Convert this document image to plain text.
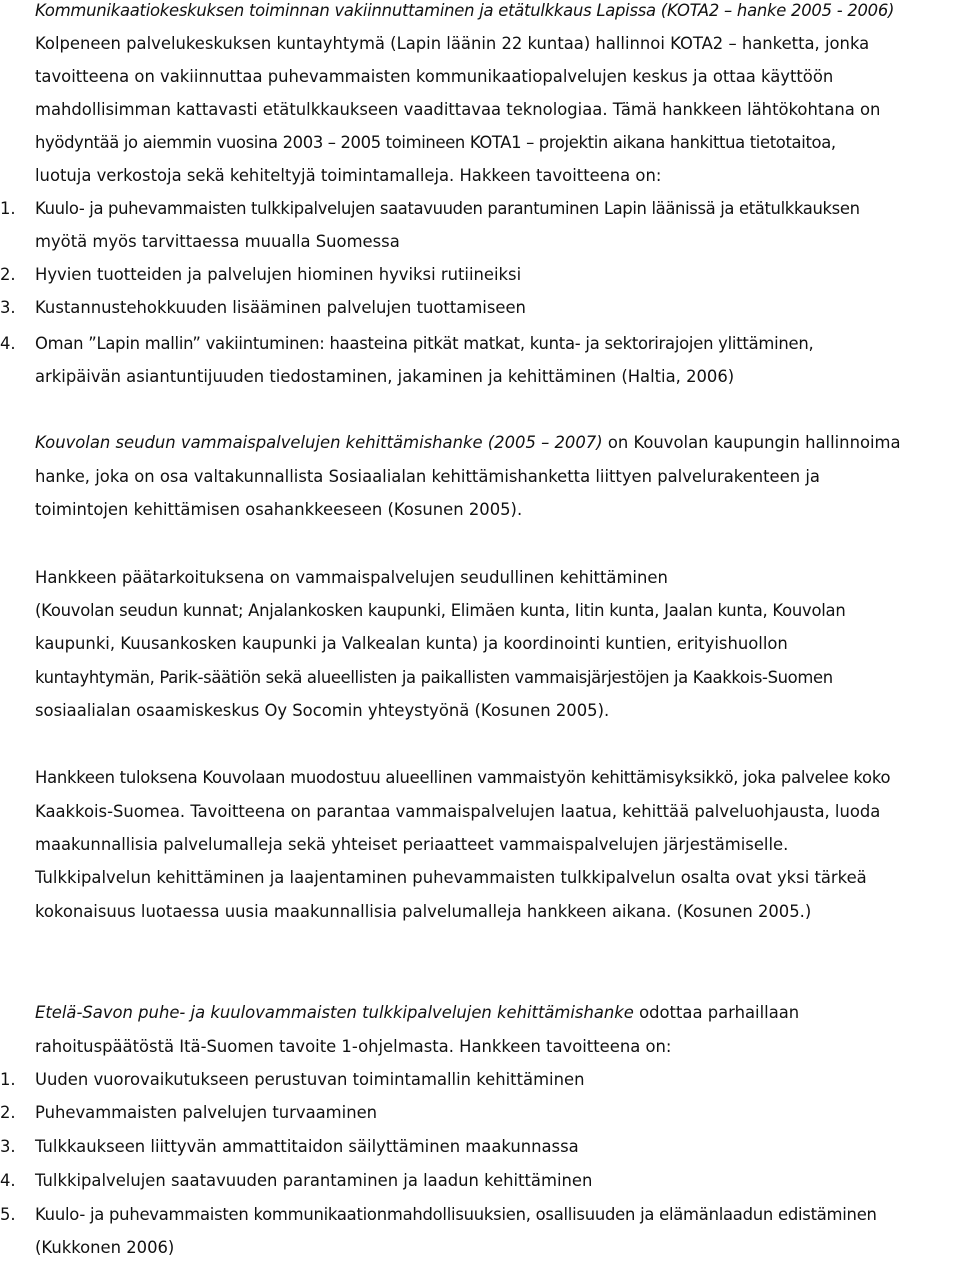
Kommunikaatiokeskuksen toiminnan vakiinnuttaminen ja etätulkkaus Lapissa (KOTA2 – hanke 2005 - 2006)
Kolpeneen palvelukeskuksen kuntayhtymä (Lapin läänin 22 kuntaa) hallinnoi KOTA2 – hanketta, jonka
tavoitteena on vakiinnuttaa puhevammaisten kommunikaatiopalvelujen keskus ja ottaa käyttöön
mahdollisimman kattavasti etätulkkaukseen vaadittavaa teknologiaa. Tämä hankkeen lähtökohtana on
hyödyntää jo aiemmin vuosina 2003 – 2005 toimineen KOTA1 – projektin aikana hankittua tietotaitoa,
luotuja verkostoja sekä kehiteltyjä toimintamalleja. Hakkeen tavoitteena on:
1. Kuulo- ja puhevammaisten tulkkipalvelujen saatavuuden parantuminen Lapin läänissä ja etätulkkauksen
myötä myös tarvittaessa muualla Suomessa
2. Hyvien tuotteiden ja palvelujen hiominen hyviksi rutiineiksi
3. Kustannustehokkuuden lisääminen palvelujen tuottamiseen
4. Oman ”Lapin mallin” vakiintuminen: haasteina pitkät matkat, kunta- ja sektorirajojen ylittäminen,
arkipäivän asiantuntijuuden tiedostaminen, jakaminen ja kehittäminen (Haltia, 2006)
Kouvolan seudun vammaispalvelujen kehittämishanke (2005 – 2007) on Kouvolan kaupungin hallinnoima
hanke, joka on osa valtakunnallista Sosiaalialan kehittämishanketta liittyen palvelurakenteen ja
toimintojen kehittämisen osahankkeeseen (Kosunen 2005).
Hankkeen päätarkoituksena on vammaispalvelujen seudullinen kehittäminen
(Kouvolan seudun kunnat; Anjalankosken kaupunki, Elimäen kunta, Iitin kunta, Jaalan kunta, Kouvolan
kaupunki, Kuusankosken kaupunki ja Valkealan kunta) ja koordinointi kuntien, erityishuollon
kuntayhtymän, Parik-säätiön sekä alueellisten ja paikallisten vammaisjärjestöjen ja Kaakkois-Suomen
sosiaalialan osaamiskeskus Oy Socomin yhteystyönä (Kosunen 2005).
Hankkeen tuloksena Kouvolaan muodostuu alueellinen vammaistyön kehittämisyksikkö, joka palvelee koko
Kaakkois-Suomea. Tavoitteena on parantaa vammaispalvelujen laatua, kehittää palveluohjausta, luoda
maakunnallisia palvelumalleja sekä yhteiset periaatteet vammaispalvelujen järjestämiselle.
Tulkkipalvelun kehittäminen ja laajentaminen puhevammaisten tulkkipalvelun osalta ovat yksi tärkeä
kokonaisuus luotaessa uusia maakunnallisia palvelumalleja hankkeen aikana. (Kosunen 2005.)
Etelä-Savon puhe- ja kuulovammaisten tulkkipalvelujen kehittämishanke odottaa parhaillaan
rahoituspäätöstä Itä-Suomen tavoite 1-ohjelmasta. Hankkeen tavoitteena on:
1. Uuden vuorovaikutukseen perustuvan toimintamallin kehittäminen
2. Puhevammaisten palvelujen turvaaminen
3. Tulkkaukseen liittyvän ammattitaidon säilyttäminen maakunnassa
4. Tulkkipalvelujen saatavuuden parantaminen ja laadun kehittäminen
5. Kuulo- ja puhevammaisten kommunikaationmahdollisuuksien, osallisuuden ja elämänlaadun edistäminen
(Kukkonen 2006)
